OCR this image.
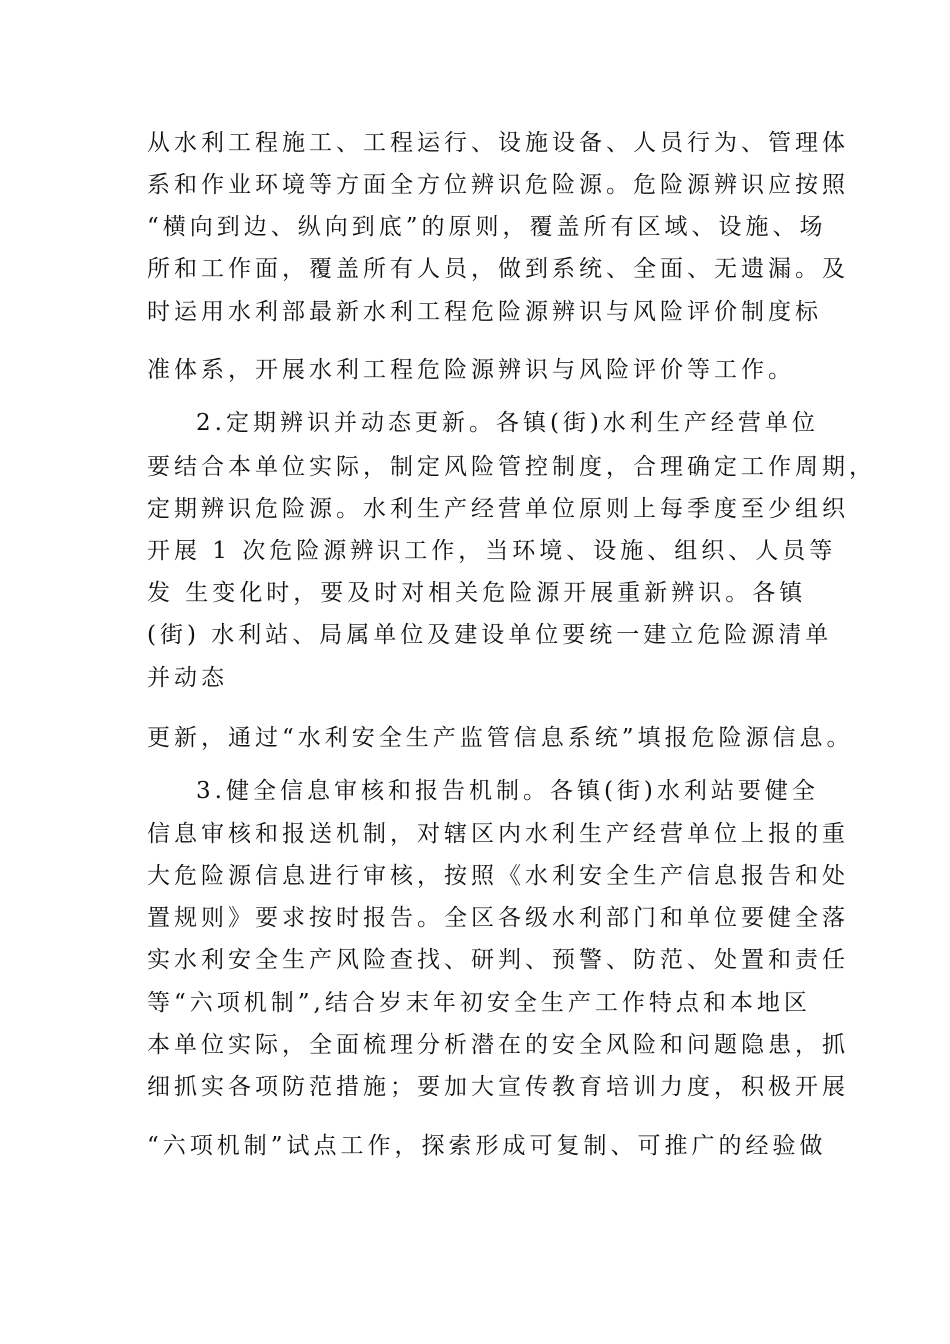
从水利工程施工、工程运行、设施设备、人员行为、管理体
系和作业环境等方面全方位辨识危险源。危险源辨识应按照
“横向到边、纵向到底”的原则，覆盖所有区域、设施、场
所和工作面，覆盖所有人员，做到系统、全面、无遗漏。及
时运用水利部最新水利工程危险源辨识与风险评价制度标
准体系，开展水利工程危险源辨识与风险评价等工作。
2.定期辨识并动态更新。各镇(街)水利生产经营单位
要结合本单位实际，制定风险管控制度，合理确定工作周期，
定期辨识危险源。水利生产经营单位原则上每季度至少组织
开展 1 次危险源辨识工作，当环境、设施、组织、人员等
发 生变化时，要及时对相关危险源开展重新辨识。各镇
(街) 水利站、局属单位及建设单位要统一建立危险源清单
并动态
更新，通过“水利安全生产监管信息系统”填报危险源信息。
3.健全信息审核和报告机制。各镇(街)水利站要健全
信息审核和报送机制，对辖区内水利生产经营单位上报的重
大危险源信息进行审核，按照《水利安全生产信息报告和处
置规则》要求按时报告。全区各级水利部门和单位要健全落
实水利安全生产风险查找、研判、预警、防范、处置和责任
等“六项机制”,结合岁末年初安全生产工作特点和本地区
本单位实际，全面梳理分析潜在的安全风险和问题隐患，抓
细抓实各项防范措施；要加大宣传教育培训力度，积极开展
“六项机制”试点工作，探索形成可复制、可推广的经验做
